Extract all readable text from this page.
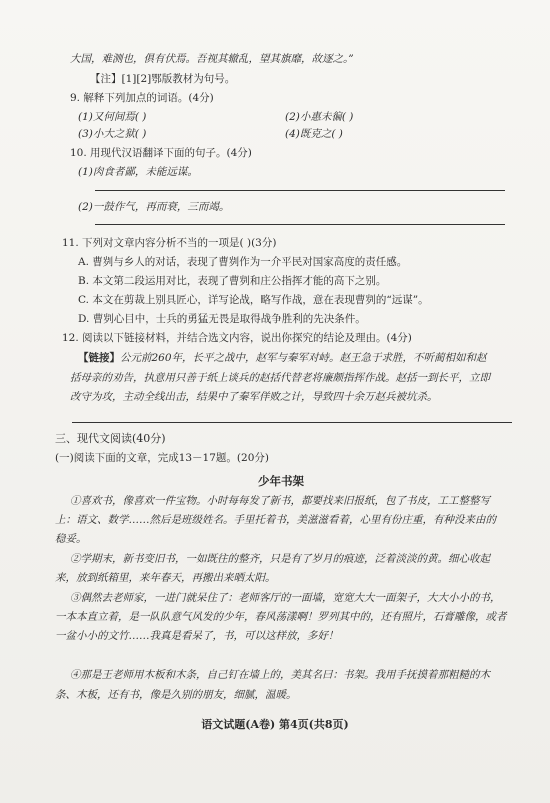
大国，难测也，俱有伏焉。吾视其辙乱，望其旗靡，故逐之。”
【注】[1][2]鄂版教材为句号。
9. 解释下列加点的词语。(4分)
(1)又何间焉( )	(2)小惠未徧( )
(3)小大之狱( )	(4)既克之( )
10. 用现代汉语翻译下面的句子。(4分)
(1)肉食者鄙，未能远谋。
(2)一鼓作气，再而衰，三而竭。
11. 下列对文章内容分析不当的一项是( )(3分)
A. 曹刿与乡人的对话，表现了曹刿作为一介平民对国家高度的责任感。
B. 本文第二段运用对比，表现了曹刿和庄公指挥才能的高下之别。
C. 本文在剪裁上别具匠心，详写论战，略写作战，意在表现曹刿的“远谋”。
D. 曹刿心目中，士兵的勇猛无畏是取得战争胜利的先决条件。
12. 阅读以下链接材料，并结合选文内容，说出你探究的结论及理由。(4分)
【链接】公元前260年，长平之战中，赵军与秦军对峙。赵王急于求胜，不听蔺相如和赵
括母亲的劝告，执意用只善于纸上谈兵的赵括代替老将廉颇指挥作战。赵括一到长平，立即
改守为攻，主动全线出击，结果中了秦军佯败之计，导致四十余万赵兵被坑杀。
三、现代文阅读(40分)
(一)阅读下面的文章，完成13－17题。(20分)
少年书架
①喜欢书，像喜欢一件宝物。小时每每发了新书，都要找来旧报纸，包了书皮，工工整整写
上：语文、数学……然后是班级姓名。手里托着书，美滋滋看着，心里有份庄重，有种没来由的
稳妥。
②学期末，新书变旧书，一如既往的整齐，只是有了岁月的痕迹，泛着淡淡的黄。细心收起
来，放到纸箱里，来年春天，再搬出来晒太阳。
③偶然去老师家，一进门就呆住了：老师客厅的一面墙，宽宽大大一面架子，大大小小的书，
一本本直立着，是一队队意气风发的少年，春风荡漾啊！罗列其中的，还有照片，石膏雕像，或者
一盆小小的文竹……我真是看呆了，书，可以这样放，多好！
④那是王老师用木板和木条，自己钉在墙上的，美其名曰：书架。我用手抚摸着那粗糙的木
条、木板，还有书，像是久别的朋友，细腻，温暖。
语文试题(A卷) 第4页(共8页)
